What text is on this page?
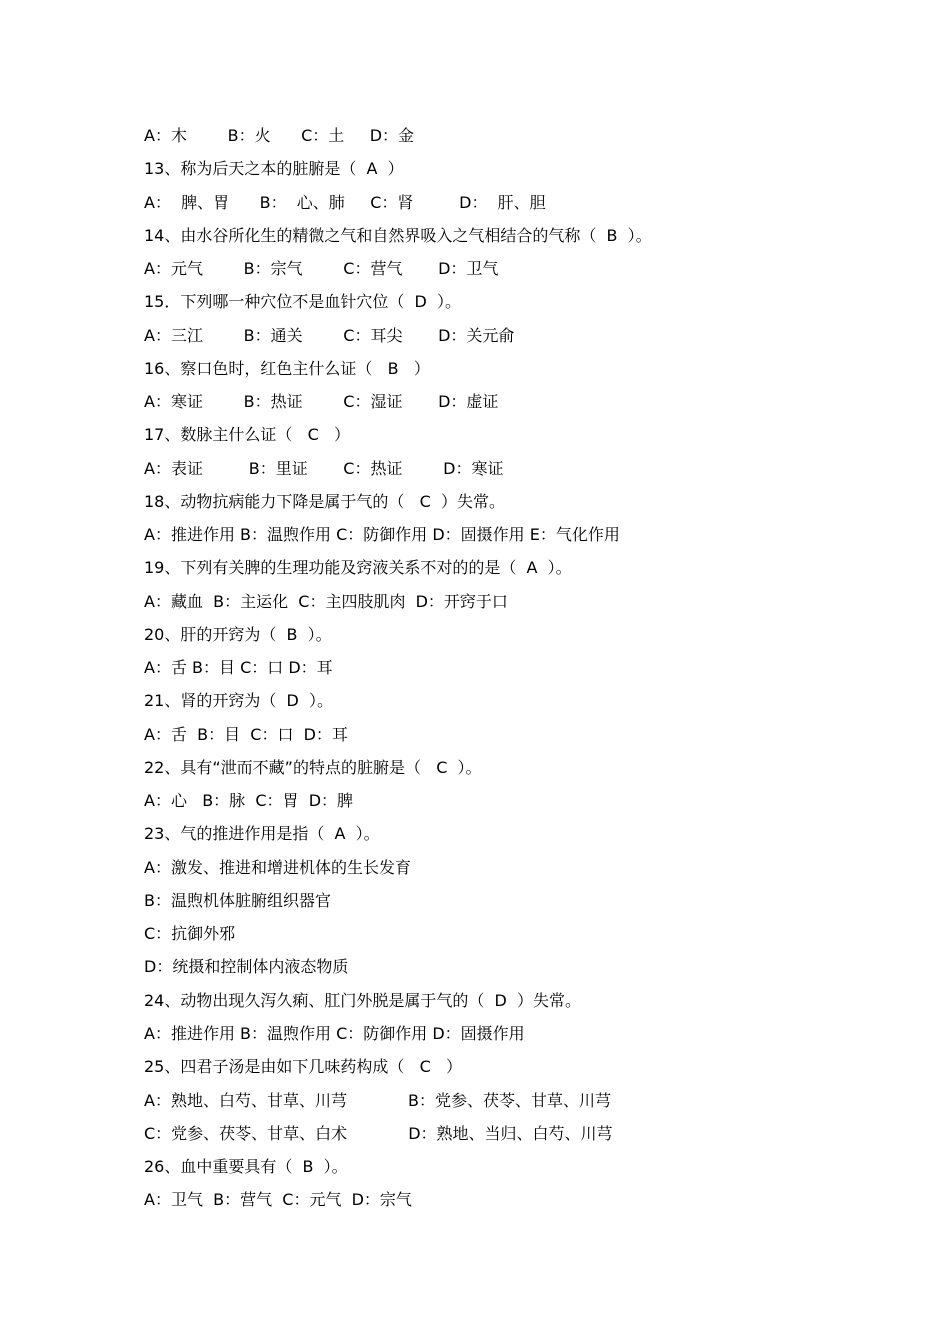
A：木        B：火      C：土     D：金
13、称为后天之本的脏腑是（  A  ）
A：  脾、胃      B：  心、肺     C：肾         D：  肝、胆
14、由水谷所化生的精微之气和自然界吸入之气相结合的气称（  B  ）。
A：元气        B：宗气        C：营气       D：卫气
15．下列哪一种穴位不是血针穴位（  D  ）。
A：三江        B：通关        C：耳尖       D：关元俞
16、察口色时，红色主什么证（   B   ）
A：寒证        B：热证        C：湿证       D：虚证
17、数脉主什么证（   C   ）
A：表证         B：里证       C：热证        D：寒证
18、动物抗病能力下降是属于气的（   C  ）失常。
A：推进作用 B：温煦作用 C：防御作用 D：固摄作用 E：气化作用
19、下列有关脾的生理功能及窍液关系不对的的是（  A  ）。
A：藏血  B：主运化  C：主四肢肌肉  D：开窍于口
20、肝的开窍为（  B  ）。
A：舌 B：目 C：口 D：耳
21、肾的开窍为（  D  ）。
A：舌  B：目  C：口  D：耳
22、具有“泄而不藏”的特点的脏腑是（   C  ）。
A：心   B：脉  C：胃  D：脾
23、气的推进作用是指（  A  ）。
A：激发、推进和增进机体的生长发育
B：温煦机体脏腑组织器官
C：抗御外邪
D：统摄和控制体内液态物质
24、动物出现久泻久痢、肛门外脱是属于气的（  D  ）失常。
A：推进作用 B：温煦作用 C：防御作用 D：固摄作用
25、四君子汤是由如下几味药构成（   C   ）
A：熟地、白芍、甘草、川芎            B：党参、茯苓、甘草、川芎
C：党参、茯苓、甘草、白术            D：熟地、当归、白芍、川芎
26、血中重要具有（  B  ）。
A：卫气  B：营气  C：元气  D：宗气
